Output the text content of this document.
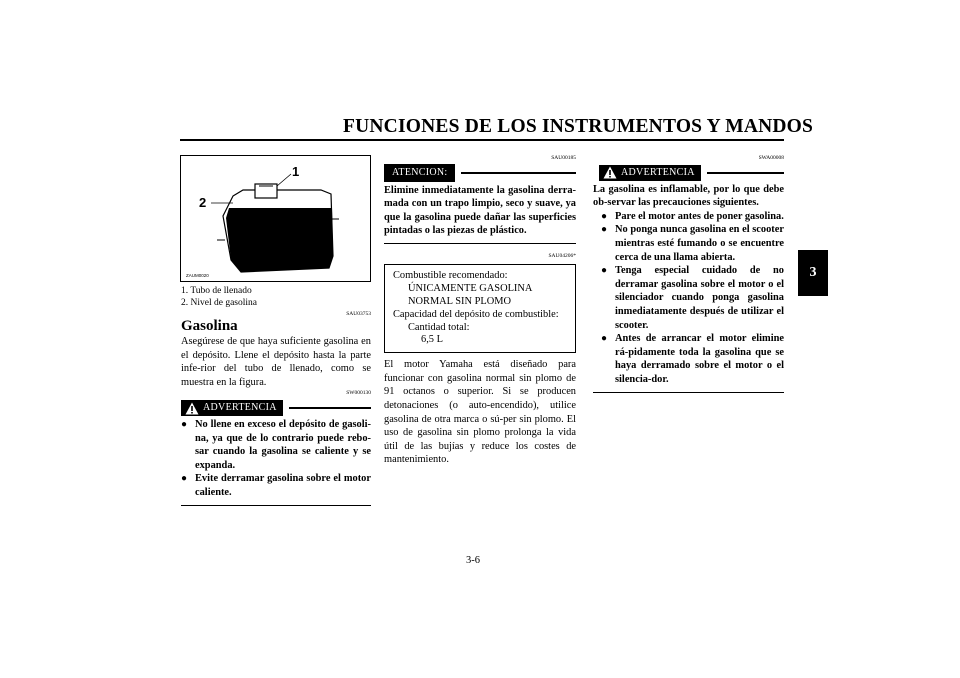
FUNCIONES DE LOS INSTRUMENTOS Y MANDOS
3
1
2
ZAUM0020
1. Tubo de llenado
2. Nivel de gasolina
SAU03753
Gasolina
Asegúrese de que haya suficiente gasolina en el depósito. Llene el depósito hasta la parte infe-rior del tubo de llenado, como se muestra en la figura.
SW000130
ADVERTENCIA
● No llene en exceso el depósito de gasoli-na, ya que de lo contrario puede rebo-sar cuando la gasolina se caliente y se expanda.
● Evite derramar gasolina sobre el motor caliente.
SAU00185
ATENCION:
Elimine inmediatamente la gasolina derra-mada con un trapo limpio, seco y suave, ya que la gasolina puede dañar las superficies pintadas o las piezas de plástico.
SAU04206*
Combustible recomendado:
ÚNICAMENTE GASOLINA
NORMAL SIN PLOMO
Capacidad del depósito de combustible:
Cantidad total:
6,5 L
El motor Yamaha está diseñado para funcionar con gasolina normal sin plomo de 91 octanos o superior. Si se producen detonaciones (o auto-encendido), utilice gasolina de otra marca o sú-per sin plomo. El uso de gasolina sin plomo prolonga la vida útil de las bujías y reduce los costes de mantenimiento.
SWA00008
ADVERTENCIA
La gasolina es inflamable, por lo que debe ob-servar las precauciones siguientes.
● Pare el motor antes de poner gasolina.
● No ponga nunca gasolina en el scooter mientras esté fumando o se encuentre cerca de una llama abierta.
● Tenga especial cuidado de no derramar gasolina sobre el motor o el silenciador cuando ponga gasolina inmediatamente después de utilizar el scooter.
● Antes de arrancar el motor elimine rá-pidamente toda la gasolina que se haya derramado sobre el motor o el silencia-dor.
3-6
